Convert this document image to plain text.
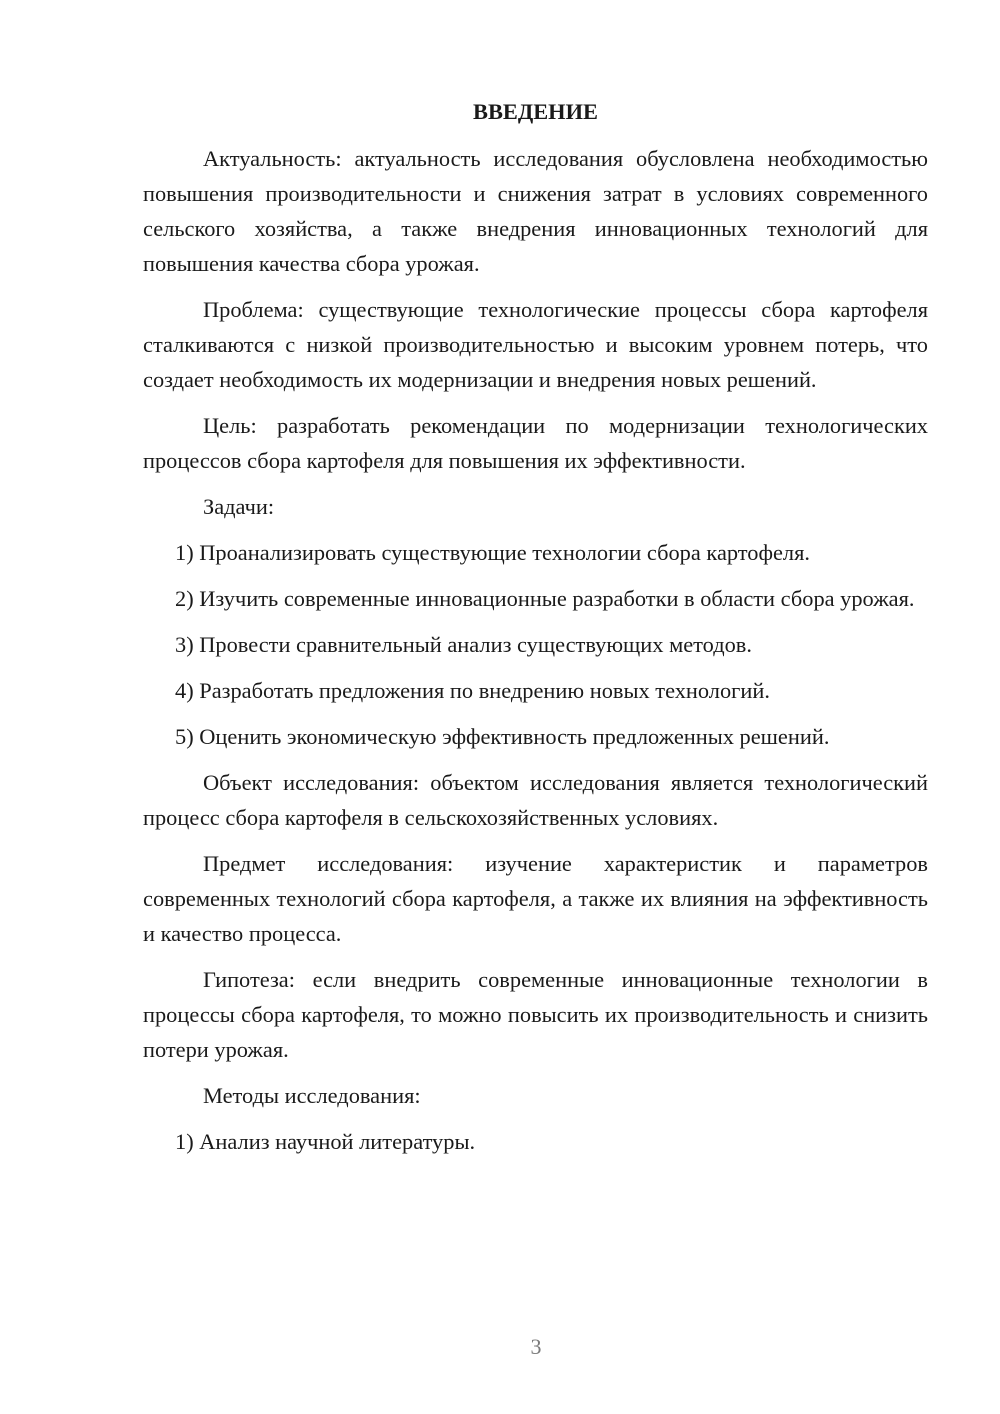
ВВЕДЕНИЕ

Актуальность: актуальность исследования обусловлена необходимостью повышения производительности и снижения затрат в условиях современного сельского хозяйства, а также внедрения инновационных технологий для повышения качества сбора урожая.

Проблема: существующие технологические процессы сбора картофеля сталкиваются с низкой производительностью и высоким уровнем потерь, что создает необходимость их модернизации и внедрения новых решений.

Цель: разработать рекомендации по модернизации технологических процессов сбора картофеля для повышения их эффективности.

Задачи:

1) Проанализировать существующие технологии сбора картофеля.

2) Изучить современные инновационные разработки в области сбора урожая.

3) Провести сравнительный анализ существующих методов.

4) Разработать предложения по внедрению новых технологий.

5) Оценить экономическую эффективность предложенных решений.

Объект исследования: объектом исследования является технологический процесс сбора картофеля в сельскохозяйственных условиях.

Предмет исследования: изучение характеристик и параметров современных технологий сбора картофеля, а также их влияния на эффективность и качество процесса.

Гипотеза: если внедрить современные инновационные технологии в процессы сбора картофеля, то можно повысить их производительность и снизить потери урожая.

Методы исследования:

1) Анализ научной литературы.

3
